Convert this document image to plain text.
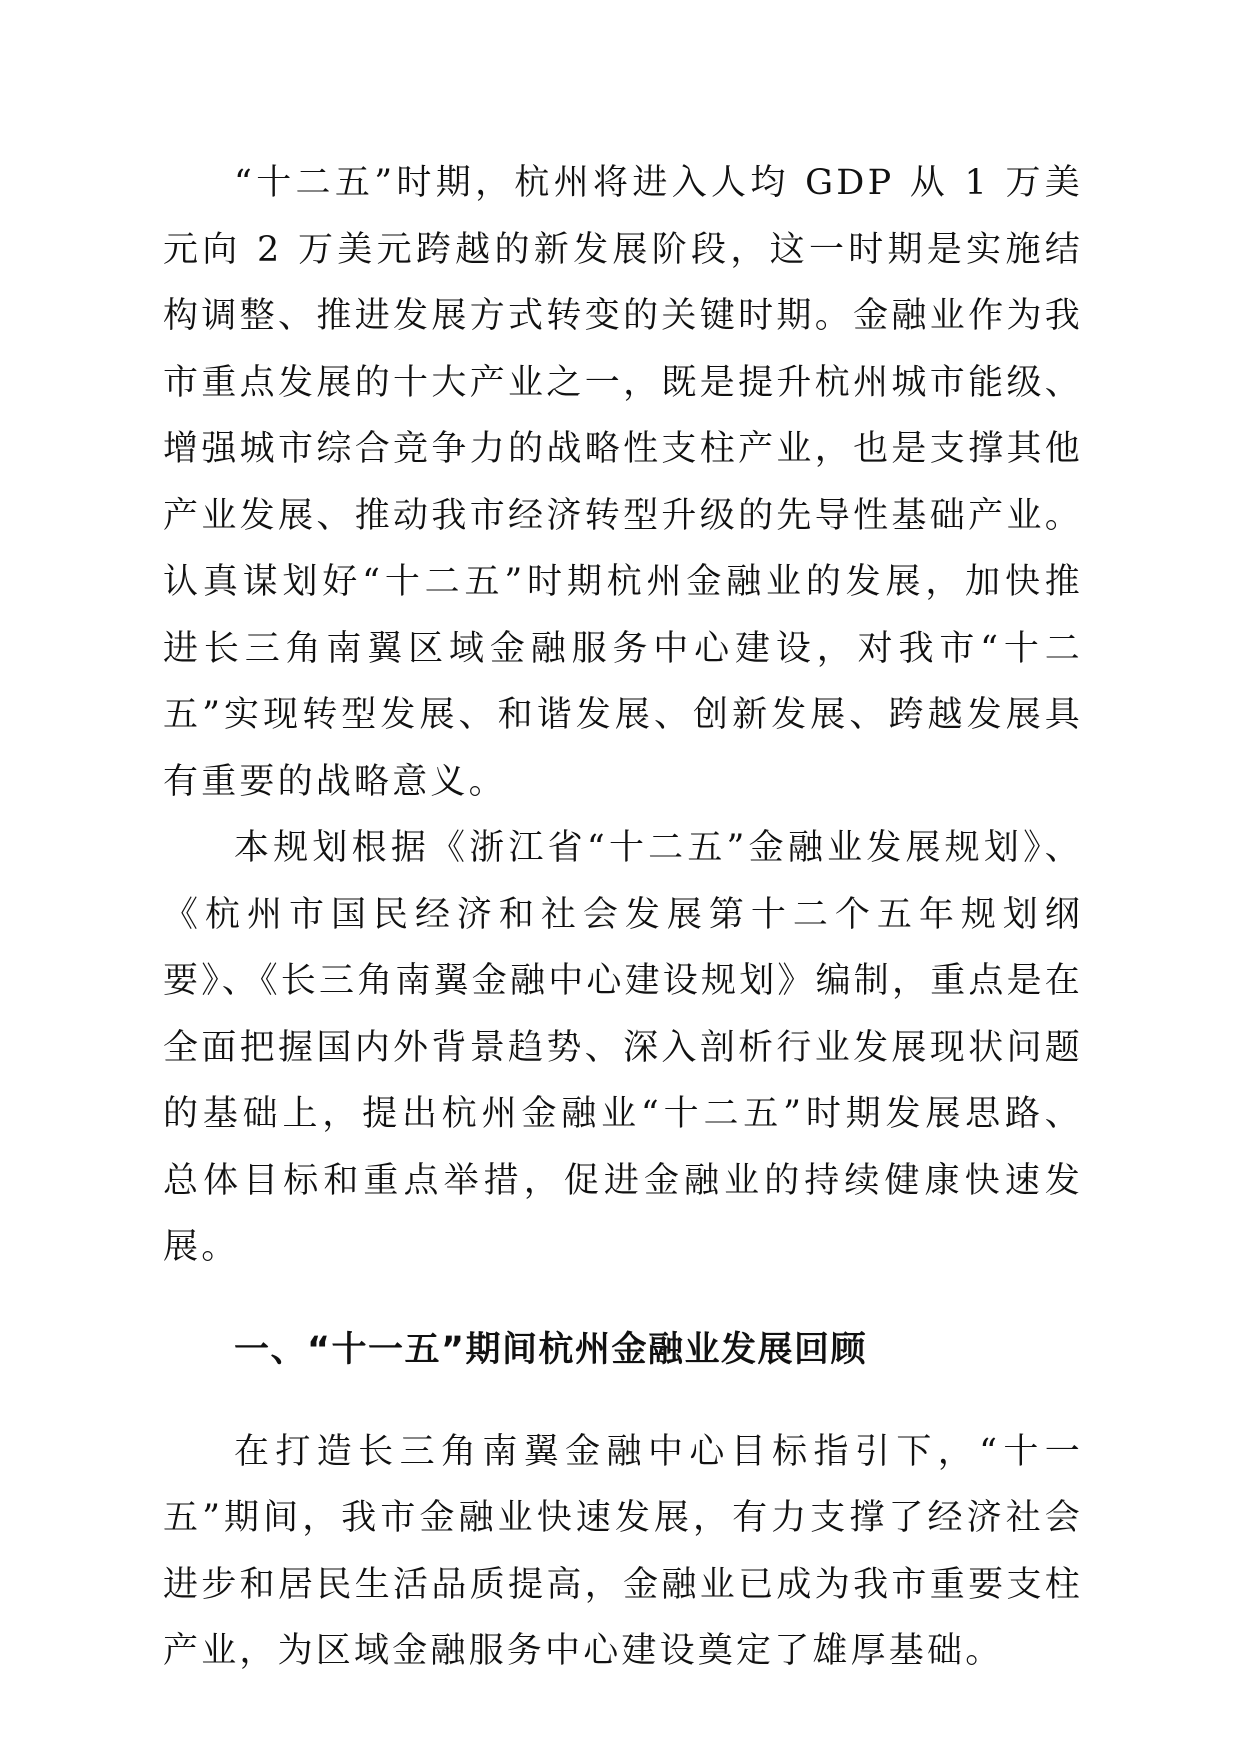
“十二五”时期，杭州将进入人均 GDP 从 1 万美元向 2 万美元跨越的新发展阶段，这一时期是实施结构调整、推进发展方式转变的关键时期。金融业作为我市重点发展的十大产业之一，既是提升杭州城市能级、增强城市综合竞争力的战略性支柱产业，也是支撑其他产业发展、推动我市经济转型升级的先导性基础产业。认真谋划好“十二五”时期杭州金融业的发展，加快推进长三角南翼区域金融服务中心建设，对我市“十二五”实现转型发展、和谐发展、创新发展、跨越发展具有重要的战略意义。

本规划根据《浙江省“十二五”金融业发展规划》、《杭州市国民经济和社会发展第十二个五年规划纲要》、《长三角南翼金融中心建设规划》编制，重点是在全面把握国内外背景趋势、深入剖析行业发展现状问题的基础上，提出杭州金融业“十二五”时期发展思路、总体目标和重点举措，促进金融业的持续健康快速发展。

一、“十一五”期间杭州金融业发展回顾

在打造长三角南翼金融中心目标指引下，“十一五”期间，我市金融业快速发展，有力支撑了经济社会进步和居民生活品质提高，金融业已成为我市重要支柱产业，为区域金融服务中心建设奠定了雄厚基础。
